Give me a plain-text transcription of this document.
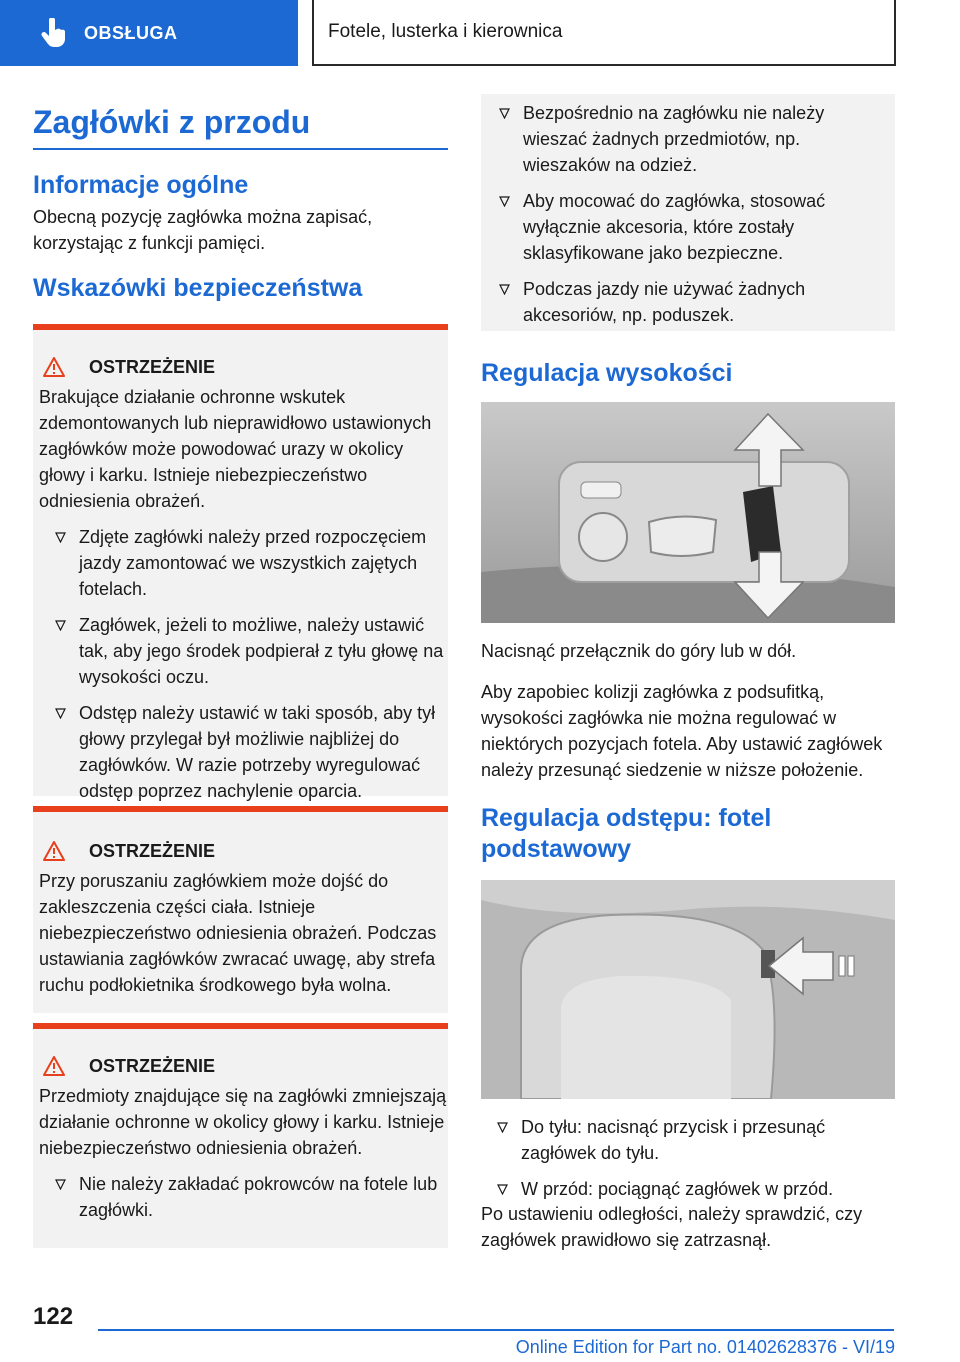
OBSŁUGA	Fotele, lusterka i kierownica
Zagłówki z przodu
Informacje ogólne
Obecną pozycję zagłówka można zapisać, korzystając z funkcji pamięci.
Wskazówki bezpieczeństwa
OSTRZEŻENIE
Brakujące działanie ochronne wskutek zdemontowanych lub nieprawidłowo ustawionych zagłówków może powodować urazy w okolicy głowy i karku. Istnieje niebezpieczeństwo odniesienia obrażeń.
Zdjęte zagłówki należy przed rozpoczęciem jazdy zamontować we wszystkich zajętych fotelach.
Zagłówek, jeżeli to możliwe, należy ustawić tak, aby jego środek podpierał z tyłu głowę na wysokości oczu.
Odstęp należy ustawić w taki sposób, aby tył głowy przylegał był możliwie najbliżej do zagłówków. W razie potrzeby wyregulować odstęp poprzez nachylenie oparcia.
OSTRZEŻENIE
Przy poruszaniu zagłówkiem może dojść do zakleszczenia części ciała. Istnieje niebezpieczeństwo odniesienia obrażeń. Podczas ustawiania zagłówków zwracać uwagę, aby strefa ruchu podłokietnika środkowego była wolna.
OSTRZEŻENIE
Przedmioty znajdujące się na zagłówki zmniejszają działanie ochronne w okolicy głowy i karku. Istnieje niebezpieczeństwo odniesienia obrażeń.
Nie należy zakładać pokrowców na fotele lub zagłówki.
Bezpośrednio na zagłówku nie należy wieszać żadnych przedmiotów, np. wieszaków na odzież.
Aby mocować do zagłówka, stosować wyłącznie akcesoria, które zostały sklasyfikowane jako bezpieczne.
Podczas jazdy nie używać żadnych akcesoriów, np. poduszek.
Regulacja wysokości
Nacisnąć przełącznik do góry lub w dół.
Aby zapobiec kolizji zagłówka z podsufitką, wysokości zagłówka nie można regulować w niektórych pozycjach fotela. Aby ustawić zagłówek należy przesunąć siedzenie w niższe położenie.
Regulacja odstępu: fotel podstawowy
Do tyłu: nacisnąć przycisk i przesunąć zagłówek do tyłu.
W przód: pociągnąć zagłówek w przód.
Po ustawieniu odległości, należy sprawdzić, czy zagłówek prawidłowo się zatrzasnął.
122
Online Edition for Part no. 01402628376 - VI/19
